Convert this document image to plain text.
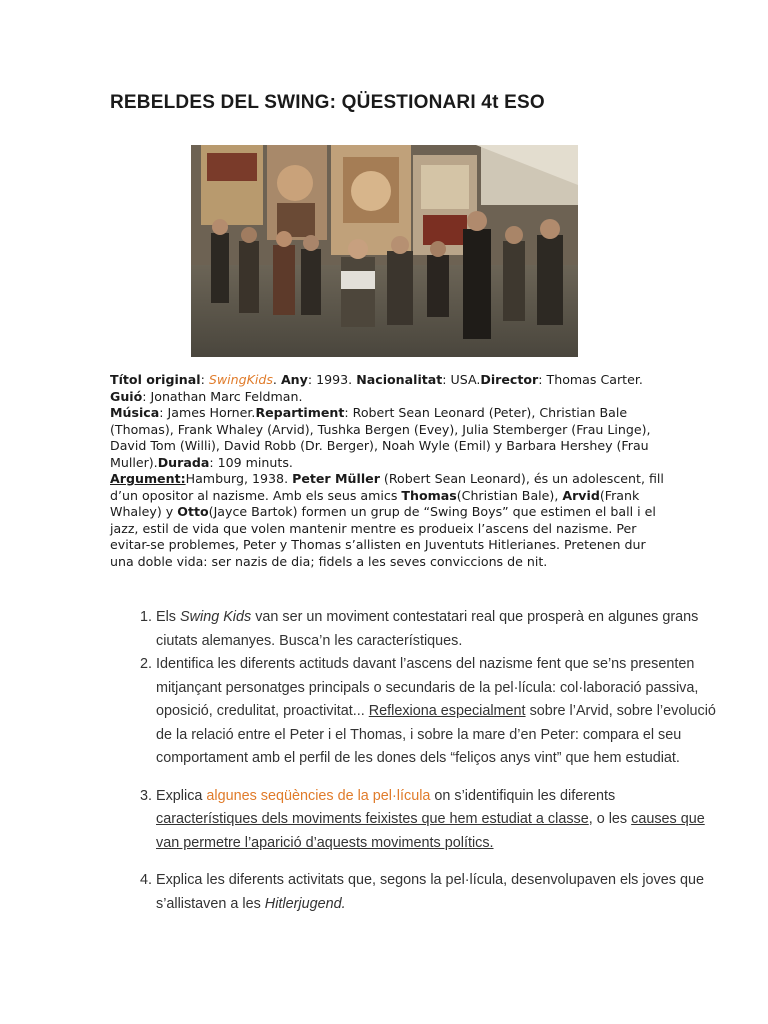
REBELDES DEL SWING: QÜESTIONARI 4t ESO

Títol original: SwingKids. Any: 1993. Nacionalitat: USA.Director: Thomas Carter. Guió: Jonathan Marc Feldman.

Música: James Horner.Repartiment: Robert Sean Leonard (Peter), Christian Bale (Thomas), Frank Whaley (Arvid), Tushka Bergen (Evey), Julia Stemberger (Frau Linge), David Tom (Willi), David Robb (Dr. Berger), Noah Wyle (Emil) y Barbara Hershey (Frau Muller).Durada: 109 minuts.

Argument:Hamburg, 1938. Peter Müller (Robert Sean Leonard), és un adolescent, fill d’un opositor al nazisme. Amb els seus amics Thomas(Christian Bale), Arvid(Frank Whaley) y Otto(Jayce Bartok) formen un grup de “Swing Boys” que estimen el ball i el jazz, estil de vida que volen mantenir mentre es produeix l’ascens del nazisme. Per evitar-se problemes, Peter y Thomas s’allisten en Juventuts Hitlerianes. Pretenen dur una doble vida: ser nazis de dia; fidels a les seves conviccions de nit.

1. Els Swing Kids van ser un moviment contestatari real que prosperà en algunes grans ciutats alemanyes. Busca’n les característiques.
2. Identifica les diferents actituds davant l’ascens del nazisme fent que se’ns presenten mitjançant personatges principals o secundaris de la pel·lícula: col·laboració passiva, oposició, credulitat, proactivitat... Reflexiona especialment sobre l’Arvid, sobre l’evolució de la relació entre el Peter i el Thomas, i sobre la mare d’en Peter: compara el seu comportament amb el perfil de les dones dels “feliços anys vint” que hem estudiat.
3. Explica algunes seqüències de la pel·lícula on s’identifiquin les diferents característiques dels moviments feixistes que hem estudiat a classe, o les causes que van permetre l’aparició d’aquests moviments polítics.
4. Explica les diferents activitats que, segons la pel·lícula, desenvolupaven els joves que s’allistaven a les Hitlerjugend.
